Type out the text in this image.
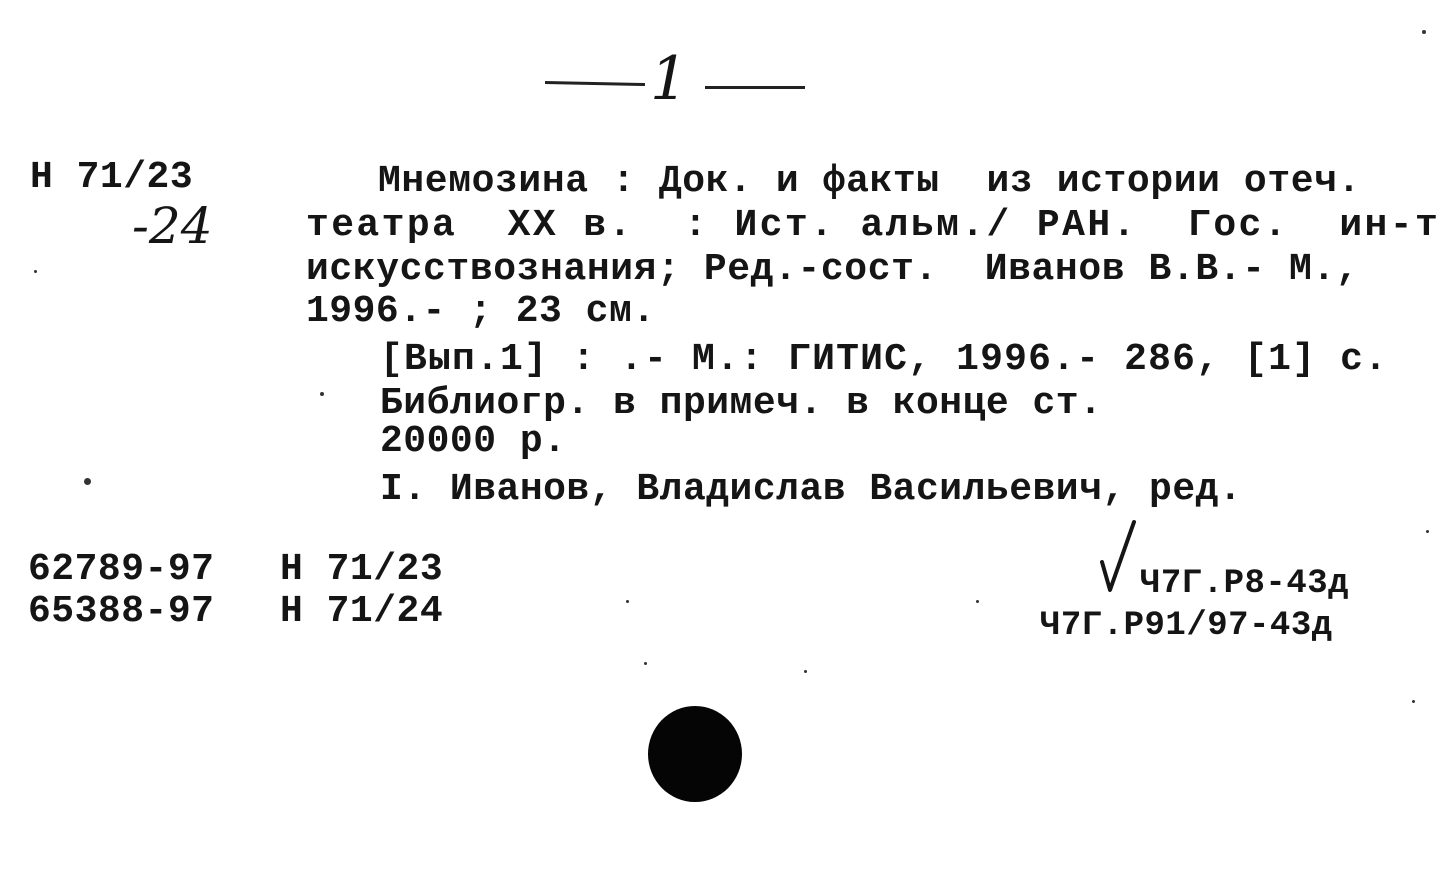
1
Н 71/23
-24
Мнемозина : Док. и факты  из истории отеч.
театра  XX в.  : Ист. альм./ РАН.  Гос.  ин-т
искусствознания; Ред.-сост.  Иванов В.В.- М.,
1996.- ; 23 см.
[Вып.1] : .- М.: ГИТИС, 1996.- 286, [1] с.
Библиогр. в примеч. в конце ст.
20000 р.
I. Иванов, Владислав Васильевич, ред.
62789-97 Н 71/23
65388-97 Н 71/24
Ч7Г.Р8-43д
Ч7Г.Р91/97-43д
